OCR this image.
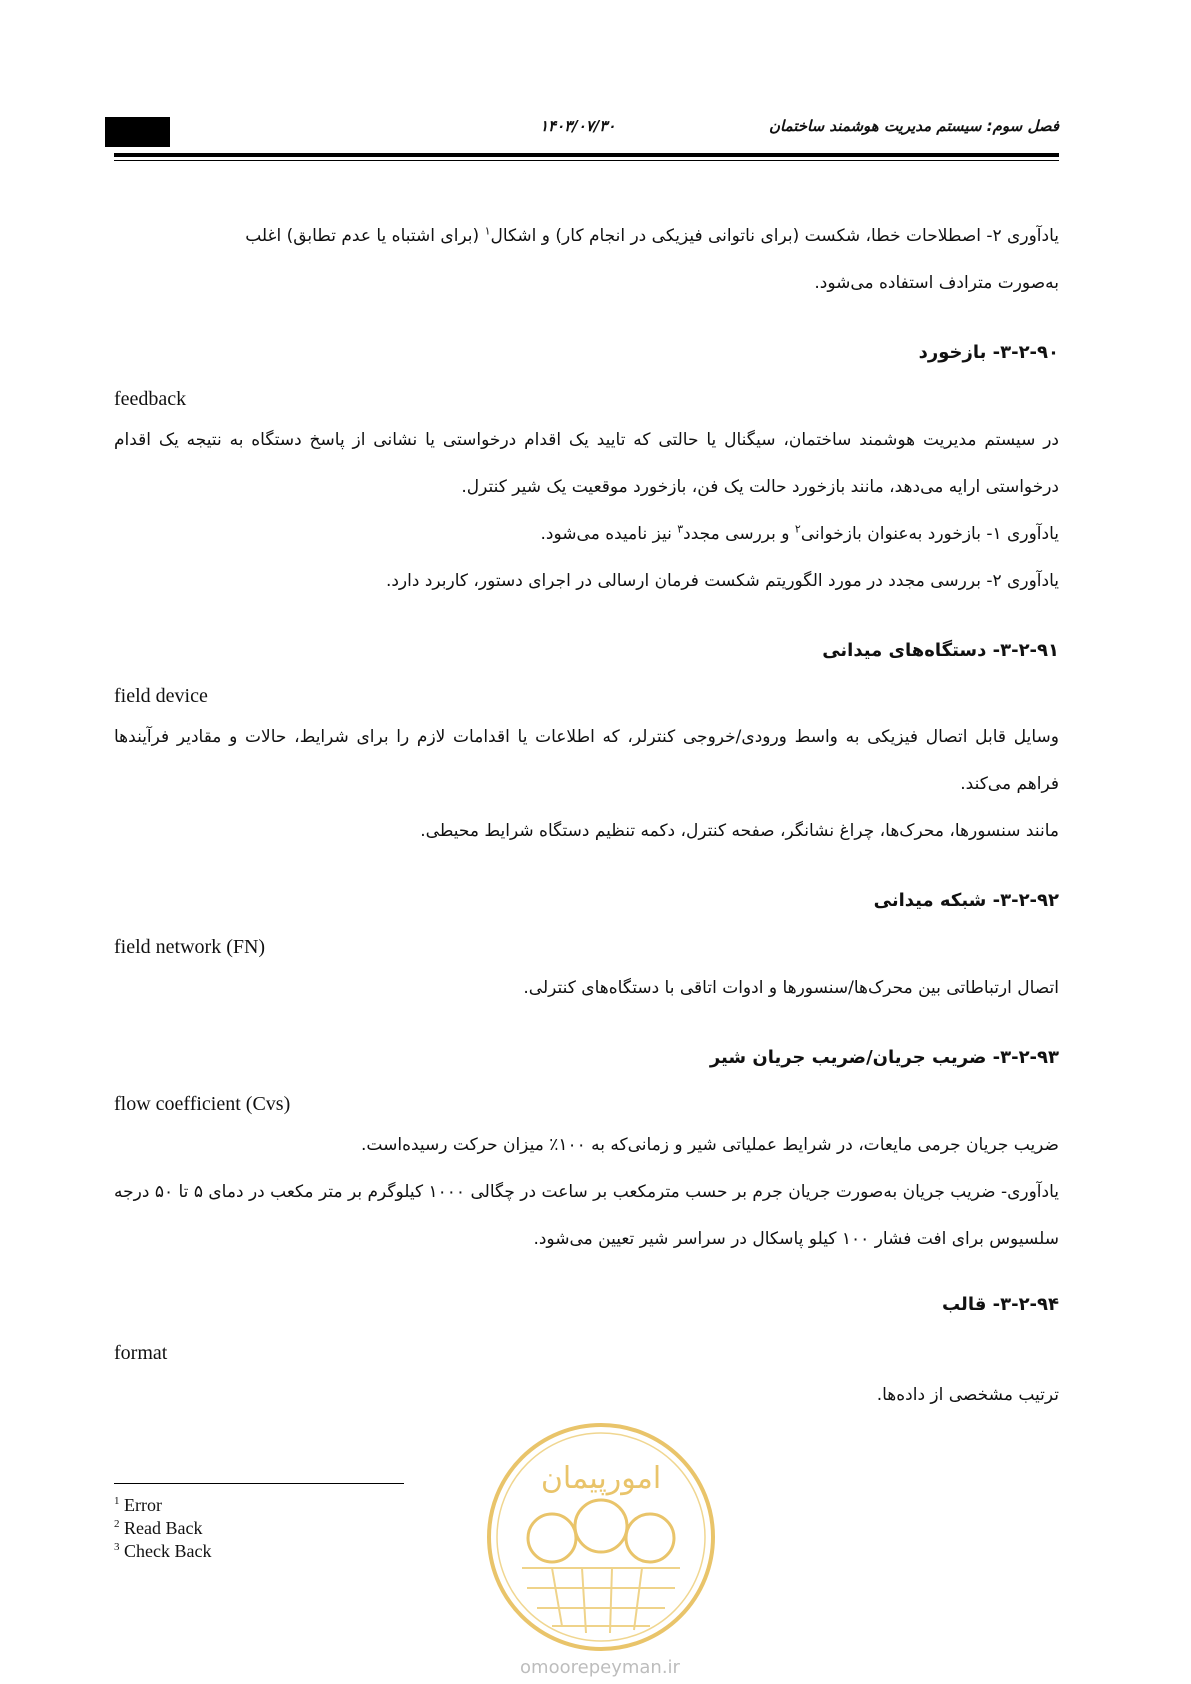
۱۴۰۳/۰۷/۳۰	فصل سوم: سیستم مدیریت هوشمند ساختمان
یادآوری ۲- اصطلاحات خطا، شکست (برای ناتوانی فیزیکی در انجام کار) و اشکال$^۱$ (برای اشتباه یا عدم تطابق) اغلب
به‌صورت مترادف استفاده می‌شود.
۳-۲-۹۰- بازخورد
feedback
در سیستم مدیریت هوشمند ساختمان، سیگنال یا حالتی که تایید یک اقدام درخواستی یا نشانی از پاسخ دستگاه به نتیجه یک اقدام درخواستی ارایه می‌دهد، مانند بازخورد حالت یک فن، بازخورد موقعیت یک شیر کنترل.
یادآوری ۱- بازخورد به‌عنوان بازخوانی$^۲$ و بررسی مجدد$^۳$ نیز نامیده می‌شود.
یادآوری ۲- بررسی مجدد در مورد الگوریتم شکست فرمان ارسالی در اجرای دستور، کاربرد دارد.
۳-۲-۹۱- دستگاه‌های میدانی
field device
وسایل قابل اتصال فیزیکی به واسط ورودی/خروجی کنترلر، که اطلاعات یا اقدامات لازم را برای شرایط، حالات و مقادیر فرآیندها فراهم می‌کند.
مانند سنسورها، محرک‌ها، چراغ نشانگر، صفحه کنترل، دکمه تنظیم دستگاه شرایط محیطی.
۳-۲-۹۲- شبکه میدانی
field network (FN)
اتصال ارتباطاتی بین محرک‌ها/سنسورها و ادوات اتاقی با دستگاه‌های کنترلی.
۳-۲-۹۳- ضریب جریان/ضریب جریان شیر
flow coefficient (Cvs)
ضریب جریان جرمی مایعات، در شرایط عملیاتی شیر و زمانی‌که به ۱۰۰٪ میزان حرکت رسیده‌است.
یادآوری- ضریب جریان به‌صورت جریان جرم بر حسب مترمکعب بر ساعت در چگالی ۱۰۰۰ کیلوگرم بر متر مکعب در دمای ۵ تا ۵۰ درجه سلسیوس برای افت فشار ۱۰۰ کیلو پاسکال در سراسر شیر تعیین می‌شود.
۳-۲-۹۴- قالب
format
ترتیب مشخصی از داده‌ها.
امورپیمان
omoorepeyman.ir
$^1$ Error
$^2$ Read Back
$^3$ Check Back
